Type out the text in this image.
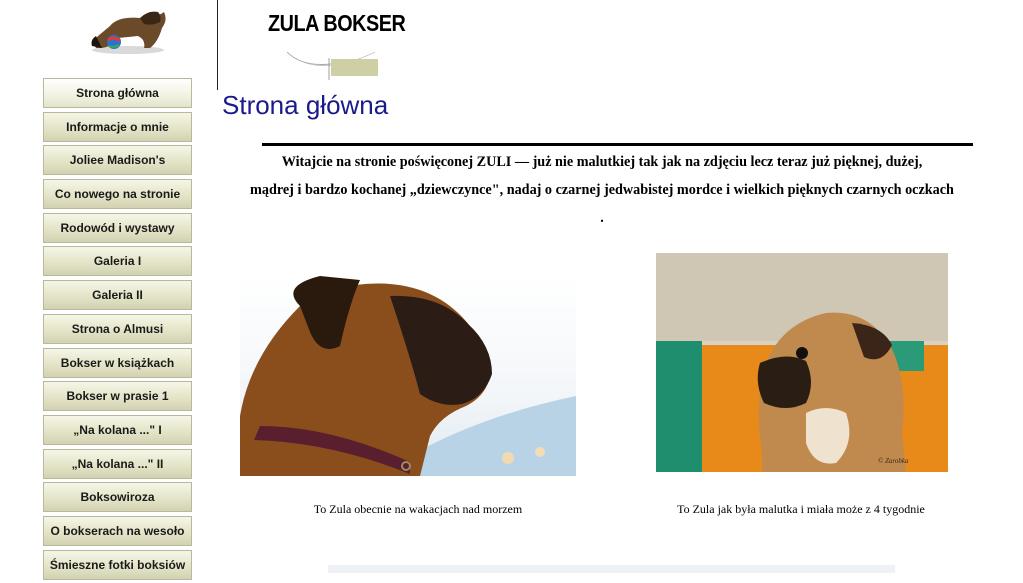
ZULA BOKSER
Strona główna
Informacje o mnie
Joliee Madison's
Co nowego na stronie
Rodowód i wystawy
Galeria I
Galeria II
Strona o Almusi
Bokser w książkach
Bokser w prasie 1
„Na kolana ..." I
„Na kolana ..." II
Boksowiroza
O bokserach na wesoło
Śmieszne fotki boksiów
Strona główna

Witajcie na stronie poświęconej ZULI — już nie malutkiej tak jak na zdjęciu lecz teraz już pięknej, dużej,
mądrej i bardzo kochanej „dziewczynce", nadaj o czarnej jedwabistej mordce i wielkich pięknych czarnych oczkach
.

© Zarobka
To Zula obecnie na wakacjach nad morzem	To Zula jak była malutka i miała może z 4 tygodnie
